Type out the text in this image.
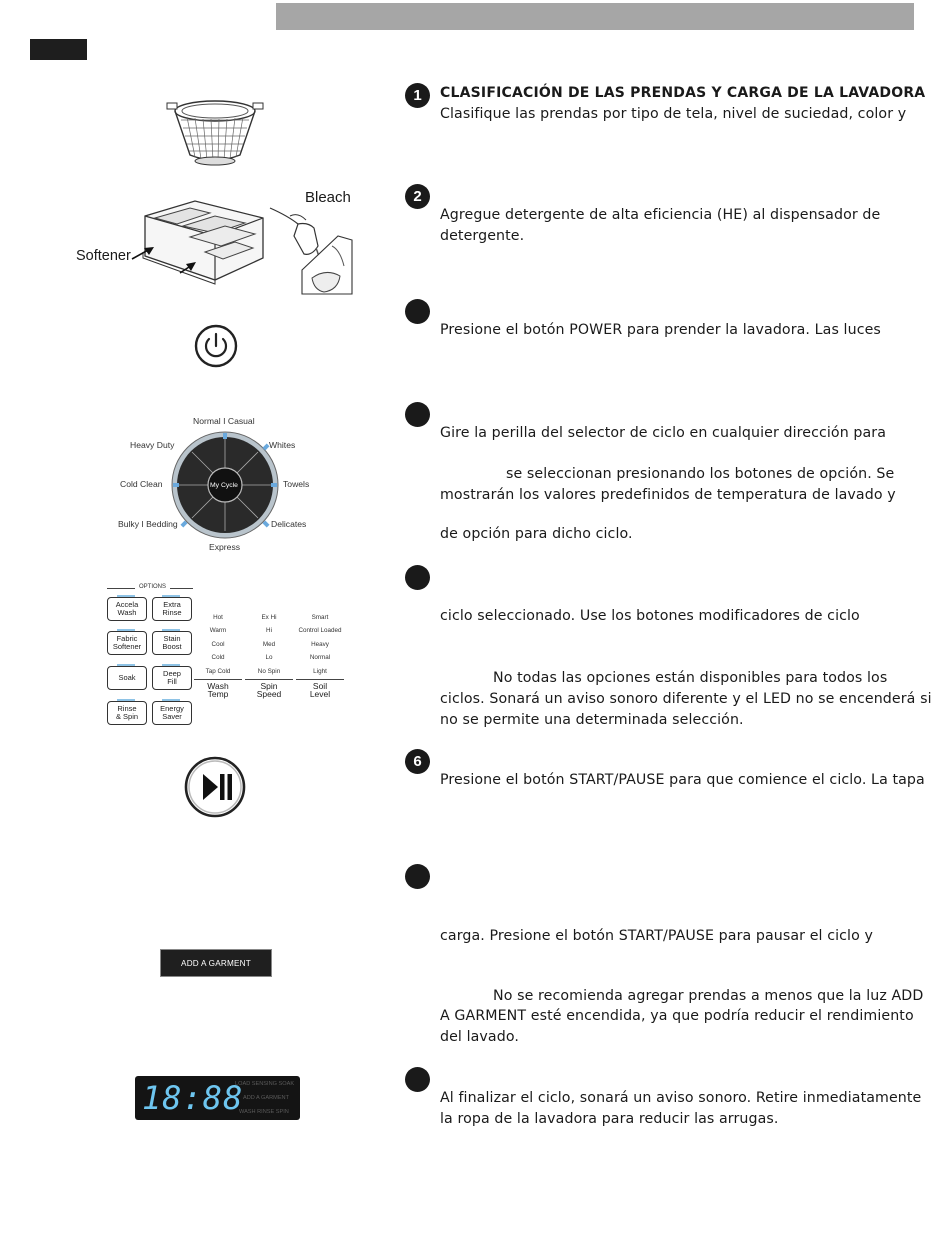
1 CLASIFICACIÓN DE LAS PRENDAS Y CARGA DE LA LAVADORA
Clasifique las prendas por tipo de tela, nivel de suciedad, color y
2
Agregue detergente de alta eficiencia (HE) al dispensador de
detergente.
Presione el botón POWER para prender la lavadora. Las luces
Gire la perilla del selector de ciclo en cualquier dirección para
se seleccionan presionando los botones de opción. Se
mostrarán los valores predefinidos de temperatura de lavado y
de opción para dicho ciclo.
ciclo seleccionado. Use los botones modificadores de ciclo
No todas las opciones están disponibles para todos los
ciclos. Sonará un aviso sonoro diferente y el LED no se encenderá si
no se permite una determinada selección.
6
Presione el botón START/PAUSE para que comience el ciclo. La tapa
carga. Presione el botón START/PAUSE para pausar el ciclo y
No se recomienda agregar prendas a menos que la luz ADD
A GARMENT esté encendida, ya que podría reducir el rendimiento
del lavado.
Al finalizar el ciclo, sonará un aviso sonoro. Retire inmediatamente
la ropa de la lavadora para reducir las arrugas.
Softener
Bleach
My Cycle
Normal I Casual
Whites
Towels
Delicates
Express
Bulky I Bedding
Cold Clean
Heavy Duty
OPTIONS
Accela
Wash
Extra
Rinse
Fabric
Softener
Stain
Boost
Soak	Deep
Fill
Rinse
& Spin
Energy
Saver
Hot
Warm
Cool
Cold
Tap Cold
Wash
Temp
Ex Hi
Hi
Med
Lo
No Spin
Spin
Speed
Smart
Control Loaded
Heavy
Normal
Light
Soil
Level
ADD A GARMENT
18:88
LOAD SENSING SOAK
ADD A GARMENT
WASH RINSE SPIN
